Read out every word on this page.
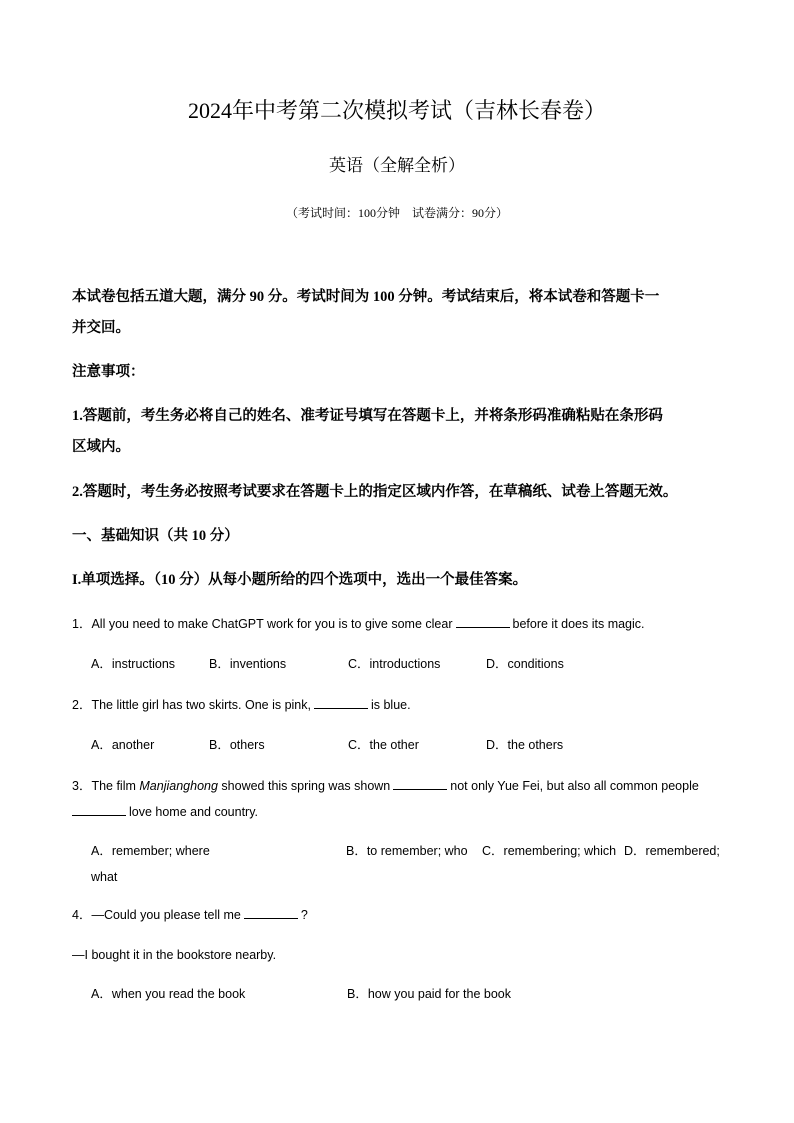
2024年中考第二次模拟考试（吉林长春卷）
英语（全解全析）
（考试时间：100分钟　试卷满分：90分）
本试卷包括五道大题，满分 90 分。考试时间为 100 分钟。考试结束后，将本试卷和答题卡一
并交回。
注意事项：
1.答题前，考生务必将自己的姓名、准考证号填写在答题卡上，并将条形码准确粘贴在条形码
区域内。
2.答题时，考生务必按照考试要求在答题卡上的指定区域内作答，在草稿纸、试卷上答题无效。
一、基础知识（共 10 分）
I.单项选择。（10 分）从每小题所给的四个选项中，选出一个最佳答案。
1．All you need to make ChatGPT work for you is to give some clear	before it does its magic.
A．instructions	B．inventions	C．introductions	D．conditions
2．The little girl has two skirts. One is pink,	is blue.
A．another	B．others	C．the other	D．the others
3．The film Manjianghong showed this spring was shown	not only Yue Fei, but also all common people
love home and country.
A．remember; where	B．to remember; who C．remembering; which D．remembered;
what
4．—Could you please tell me	?
—I bought it in the bookstore nearby.
A．when you read the book	B．how you paid for the book
